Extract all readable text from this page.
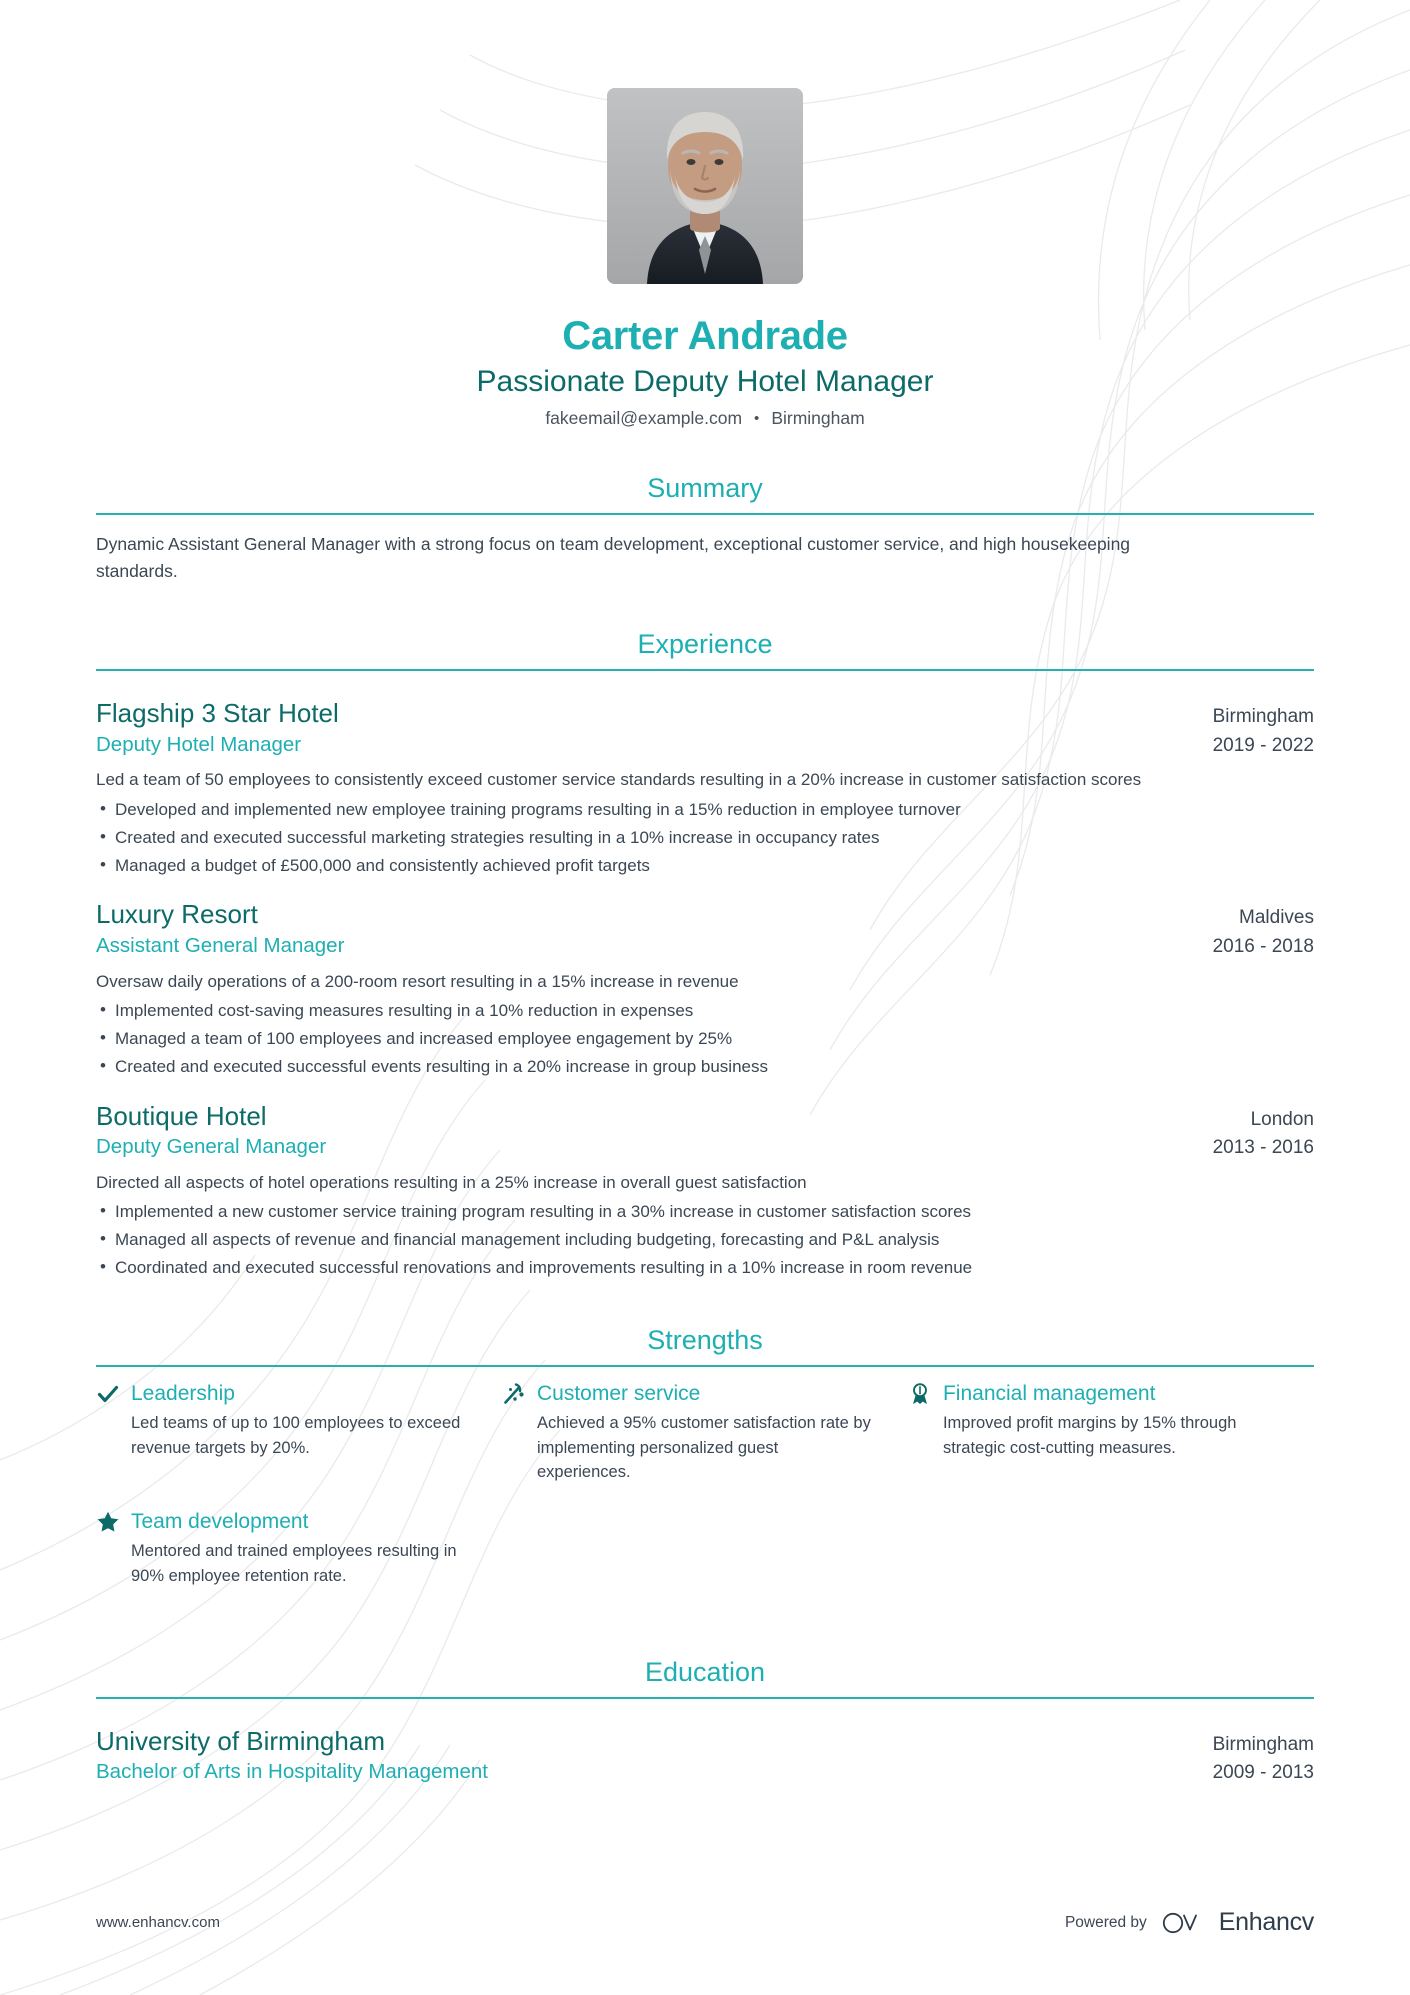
Carter Andrade
Passionate Deputy Hotel Manager
fakeemail@example.com • Birmingham
Summary

Dynamic Assistant General Manager with a strong focus on team development, exceptional customer service, and high housekeeping standards.

Experience
Flagship 3 Star Hotel	Birmingham
Deputy Hotel Manager	2019 - 2022
Led a team of 50 employees to consistently exceed customer service standards resulting in a 20% increase in customer satisfaction scores
• Developed and implemented new employee training programs resulting in a 15% reduction in employee turnover
• Created and executed successful marketing strategies resulting in a 10% increase in occupancy rates
• Managed a budget of £500,000 and consistently achieved profit targets
Luxury Resort	Maldives
Assistant General Manager	2016 - 2018
Oversaw daily operations of a 200-room resort resulting in a 15% increase in revenue
• Implemented cost-saving measures resulting in a 10% reduction in expenses
• Managed a team of 100 employees and increased employee engagement by 25%
• Created and executed successful events resulting in a 20% increase in group business
Boutique Hotel	London
Deputy General Manager	2013 - 2016
Directed all aspects of hotel operations resulting in a 25% increase in overall guest satisfaction
• Implemented a new customer service training program resulting in a 30% increase in customer satisfaction scores
• Managed all aspects of revenue and financial management including budgeting, forecasting and P&L analysis
• Coordinated and executed successful renovations and improvements resulting in a 10% increase in room revenue
Strengths
Leadership
Led teams of up to 100 employees to exceed revenue targets by 20%.
Customer service
Achieved a 95% customer satisfaction rate by implementing personalized guest experiences.
Financial management
Improved profit margins by 15% through strategic cost-cutting measures.
Team development
Mentored and trained employees resulting in 90% employee retention rate.
Education
University of Birmingham	Birmingham
Bachelor of Arts in Hospitality Management	2009 - 2013
www.enhancv.com	Powered by	Enhancv
